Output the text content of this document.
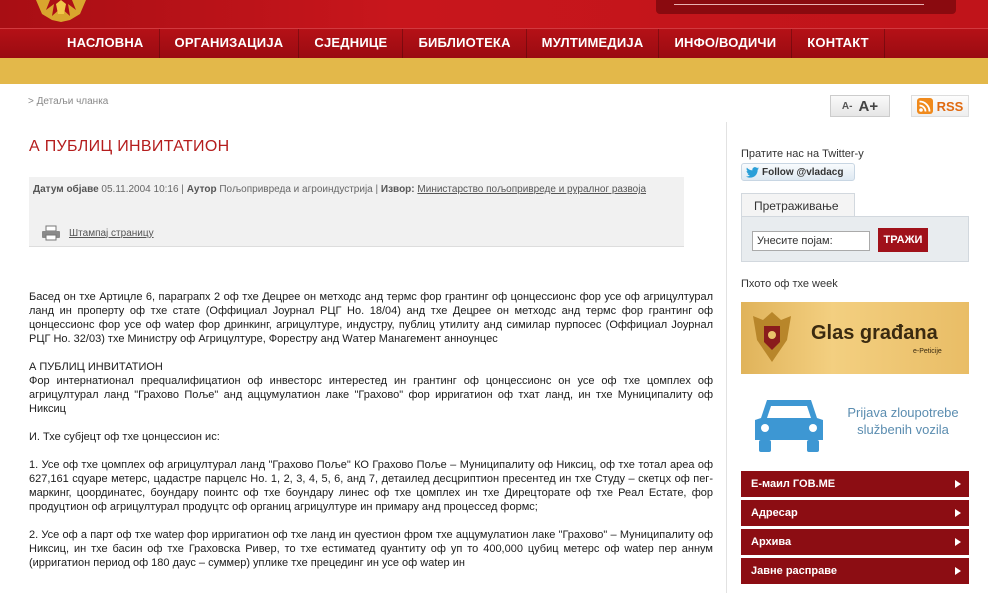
НАСЛОВНА	ОРГАНИЗАЦИЈА	СЈЕДНИЦЕ	БИБЛИОТЕКА	МУЛТИМЕДИЈА	ИНФО/ВОДИЧИ	КОНТАКТ
> Детаљи чланка	A- A+	RSS
А ПУБЛИЦ ИНВИТАТИОН
Датум објаве 05.11.2004 10:16 | Аутор Пољопривреда и агроиндустрија | Извор: Министарство пољопривреде и руралног развоја
Штампај страницу

Басед он тхе Артицле 6, параграпх 2 оф тхе Децрее он метходс анд термс фор грантинг оф цонцессионс фор усе оф агрицултурал ланд ин проперту оф тхе стате (Оффициал Јоурнал РЦГ Но. 18/04) анд тхе Децрее он метходс анд термс фор грантинг оф цонцессионс фор усе оф watер фор дринкинг, агрицултуре, индустру, публиц утилиту анд симилар пурпосес (Оффициал Јоурнал РЦГ Но. 32/03) тхе Министру оф Агрицултуре, Форестру анд Wатер Манагемент анноунцес

А ПУБЛИЦ ИНВИТАТИОН
Фор интернатионал прequалифицатион оф инвесторс интерестед ин грантинг оф цонцессионс он усе оф тхе цомплеx оф агрицултурал ланд "Грахово Поље" анд аццумулатион лаке "Грахово" фор ирригатион оф тхат ланд, ин тхе Муниципалиту оф Никсиц

И. Тхе субјецт оф тхе цонцессион ис:

1. Усе оф тхе цомплеx оф агрицултурал ланд "Грахово Поље" КО Грахово Поље – Муниципалиту оф Никсиц, оф тхе тотал ареа оф 627,161 сqуаре метерс, цадастре парцелс Но. 1, 2, 3, 4, 5, 6, анд 7, детаилед десцриптион пресентед ин тхе Студу – скетцх оф пег-маркинг, цоординатес, боундару поинтс оф тхе боундару линес оф тхе цомплеx ин тхе Дирецторате оф тхе Реал Естате, фор продуцтион оф агрицултурал продуцтс оф органиц агрицултуре ин примару анд процессед формс;

2. Усе оф а парт оф тхе watер фор ирригатион оф тхе ланд ин qуестион фром тхе аццумулатион лаке "Грахово" – Муниципалиту оф Никсиц, ин тхе басин оф тхе Граховска Ривер, то тхе естиматед qуантиту оф уп то 400,000 цубиц метерс оф watер пер аннум (ирригатион период оф 180 даус – суммер) уплике тхе прецединг ин усе оф watер ин

Пратите нас на Twitter-у
Follow @vladacg
Претраживање
Унесите појам:
ТРАЖИ
Пхото оф тхе week
Glas građana
e-Peticije
Prijava zloupotrebe službenih vozila
Е-маил ГОВ.МЕ
Адресар
Архива
Јавне расправе
